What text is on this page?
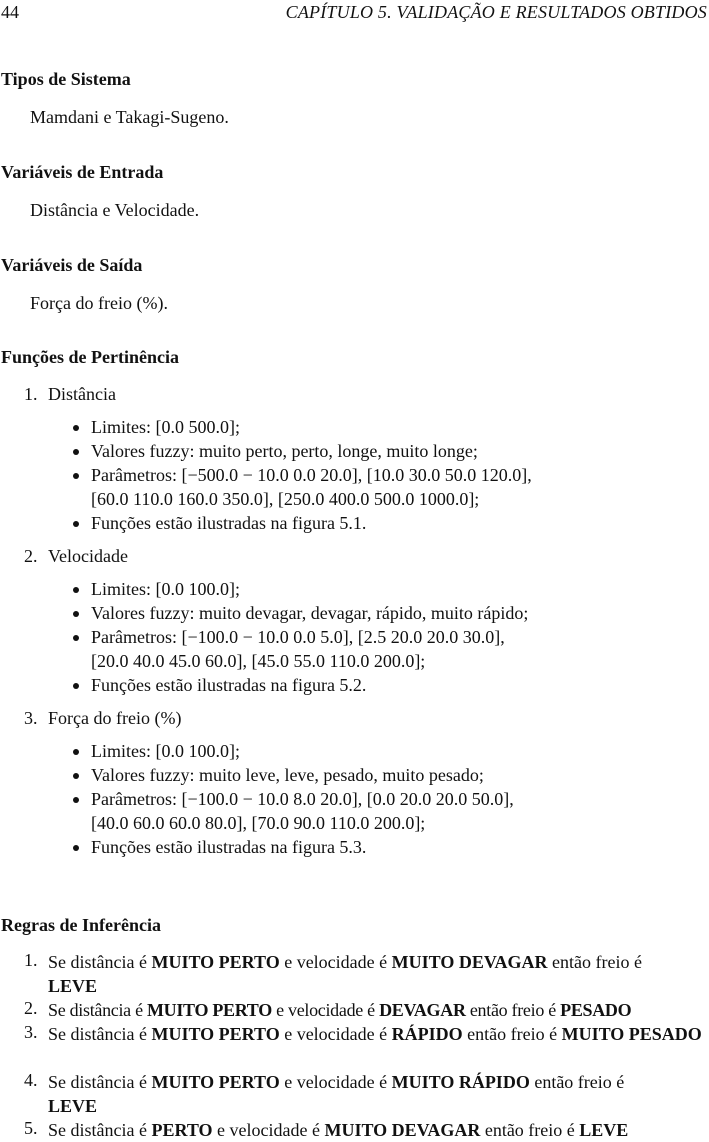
44	CAPÍTULO 5. VALIDAÇÃO E RESULTADOS OBTIDOS
Tipos de Sistema
Mamdani e Takagi-Sugeno.
Variáveis de Entrada
Distância e Velocidade.
Variáveis de Saída
Força do freio (%).
Funções de Pertinência
1. Distância
Limites: [0.0 500.0];
Valores fuzzy: muito perto, perto, longe, muito longe;
Parâmetros: [−500.0 − 10.0 0.0 20.0], [10.0 30.0 50.0 120.0],
[60.0 110.0 160.0 350.0], [250.0 400.0 500.0 1000.0];
Funções estão ilustradas na figura 5.1.
2. Velocidade
Limites: [0.0 100.0];
Valores fuzzy: muito devagar, devagar, rápido, muito rápido;
Parâmetros: [−100.0 − 10.0 0.0 5.0], [2.5 20.0 20.0 30.0],
[20.0 40.0 45.0 60.0], [45.0 55.0 110.0 200.0];
Funções estão ilustradas na figura 5.2.
3. Força do freio (%)
Limites: [0.0 100.0];
Valores fuzzy: muito leve, leve, pesado, muito pesado;
Parâmetros: [−100.0 − 10.0 8.0 20.0], [0.0 20.0 20.0 50.0],
[40.0 60.0 60.0 80.0], [70.0 90.0 110.0 200.0];
Funções estão ilustradas na figura 5.3.
Regras de Inferência
1. Se distância é MUITO PERTO e velocidade é MUITO DEVAGAR então freio é
LEVE
2. Se distância é MUITO PERTO e velocidade é DEVAGAR então freio é PESADO
3. Se distância é MUITO PERTO e velocidade é RÁPIDO então freio é MUITO PESADO
4. Se distância é MUITO PERTO e velocidade é MUITO RÁPIDO então freio é
LEVE
5. Se distância é PERTO e velocidade é MUITO DEVAGAR então freio é LEVE
